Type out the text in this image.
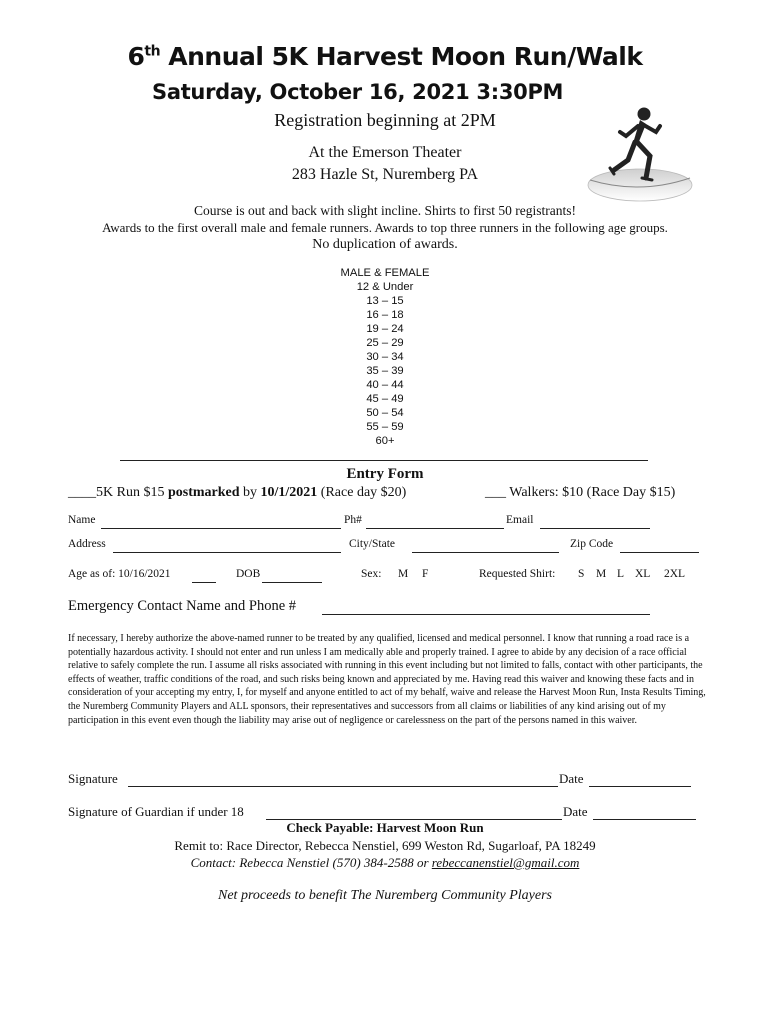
6th Annual 5K Harvest Moon Run/Walk
Saturday, October 16, 2021 3:30PM
Registration beginning at 2PM
At the Emerson Theater
283 Hazle St, Nuremberg PA
Course is out and back with slight incline. Shirts to first 50 registrants!
Awards to the first overall male and female runners. Awards to top three runners in the following age groups.
No duplication of awards.
MALE & FEMALE
12 & Under
13 – 15
16 – 18
19 – 24
25 – 29
30 – 34
35 – 39
40 – 44
45 – 49
50 – 54
55 – 59
60+
Entry Form
____5K Run $15 postmarked by 10/1/2021 (Race day $20)	___ Walkers: $10 (Race Day $15)
Name	Ph#	Email
Address	City/State	Zip Code
Age as of: 10/16/2021	DOB	Sex: M F	Requested Shirt: S M L XL 2XL
Emergency Contact Name and Phone #
If necessary, I hereby authorize the above-named runner to be treated by any qualified, licensed and medical personnel. I know that running a road race is a potentially hazardous activity. I should not enter and run unless I am medically able and properly trained. I agree to abide by any decision of a race official relative to safely complete the run. I assume all risks associated with running in this event including but not limited to falls, contact with other participants, the effects of weather, traffic conditions of the road, and such risks being known and appreciated by me. Having read this waiver and knowing these facts and in consideration of your accepting my entry, I, for myself and anyone entitled to act of my behalf, waive and release the Harvest Moon Run, Insta Results Timing, the Nuremberg Community Players and ALL sponsors, their representatives and successors from all claims or liabilities of any kind arising out of my participation in this event even though the liability may arise out of negligence or carelessness on the part of the persons named in this waiver.
Signature	Date
Signature of Guardian if under 18	Date
Check Payable: Harvest Moon Run
Remit to: Race Director, Rebecca Nenstiel, 699 Weston Rd, Sugarloaf, PA 18249
Contact: Rebecca Nenstiel (570) 384-2588 or rebeccanenstiel@gmail.com
Net proceeds to benefit The Nuremberg Community Players
